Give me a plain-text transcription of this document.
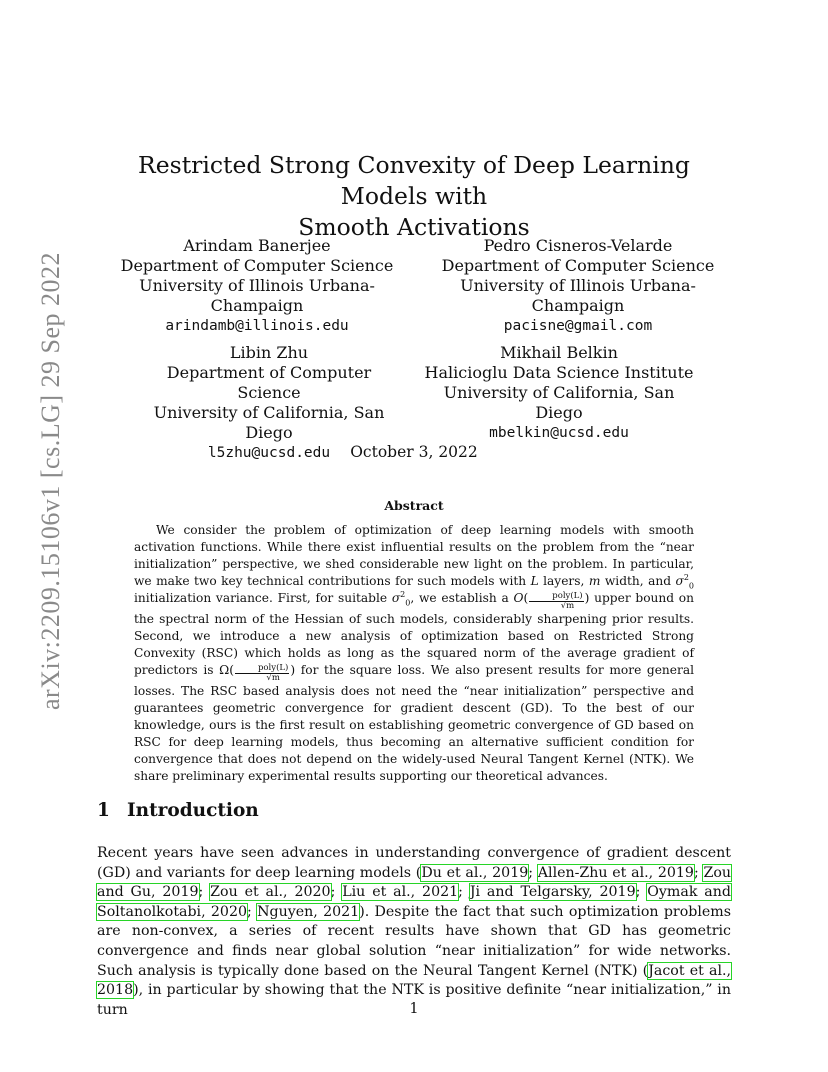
arXiv:2209.15106v1 [cs.LG] 29 Sep 2022
Restricted Strong Convexity of Deep Learning Models with
Smooth Activations
Arindam Banerjee
Department of Computer Science
University of Illinois Urbana-Champaign
arindamb@illinois.edu
Pedro Cisneros-Velarde
Department of Computer Science
University of Illinois Urbana-Champaign
pacisne@gmail.com
Libin Zhu
Department of Computer Science
University of California, San Diego
l5zhu@ucsd.edu
Mikhail Belkin
Halicioglu Data Science Institute
University of California, San Diego
mbelkin@ucsd.edu
October 3, 2022
Abstract

We consider the problem of optimization of deep learning models with smooth activation functions. While there exist influential results on the problem from the “near initialization” perspective, we shed considerable new light on the problem. In particular, we make two key technical contributions for such models with L layers, m width, and $\sigma^2_0$ initialization variance. First, for suitable $\sigma^2_0$, we establish a $O( \frac{\text{poly(L)}}{√m}$ ) upper bound on the spectral norm of the Hessian of such models, considerably sharpening prior results. Second, we introduce a new analysis of optimization based on Restricted Strong Convexity (RSC) which holds as long as the squared norm of the average gradient of predictors is $\Omega( \frac{\text{poly(L)}}{√m}$ ) for the square loss. We also present results for more general losses. The RSC based analysis does not need the “near initialization” perspective and guarantees geometric convergence for gradient descent (GD). To the best of our knowledge, ours is the first result on establishing geometric convergence of GD based on RSC for deep learning models, thus becoming an alternative sufficient condition for convergence that does not depend on the widely-used Neural Tangent Kernel (NTK). We share preliminary experimental results supporting our theoretical advances.

1 Introduction

Recent years have seen advances in understanding convergence of gradient descent (GD) and variants for deep learning models (Du et al., 2019; Allen-Zhu et al., 2019; Zou and Gu, 2019; Zou et al., 2020; Liu et al., 2021; Ji and Telgarsky, 2019; Oymak and Soltanolkotabi, 2020; Nguyen, 2021). Despite the fact that such optimization problems are non-convex, a series of recent results have shown that GD has geometric convergence and finds near global solution “near initialization” for wide networks. Such analysis is typically done based on the Neural Tangent Kernel (NTK) (Jacot et al., 2018), in particular by showing that the NTK is positive definite “near initialization,” in turn	1
